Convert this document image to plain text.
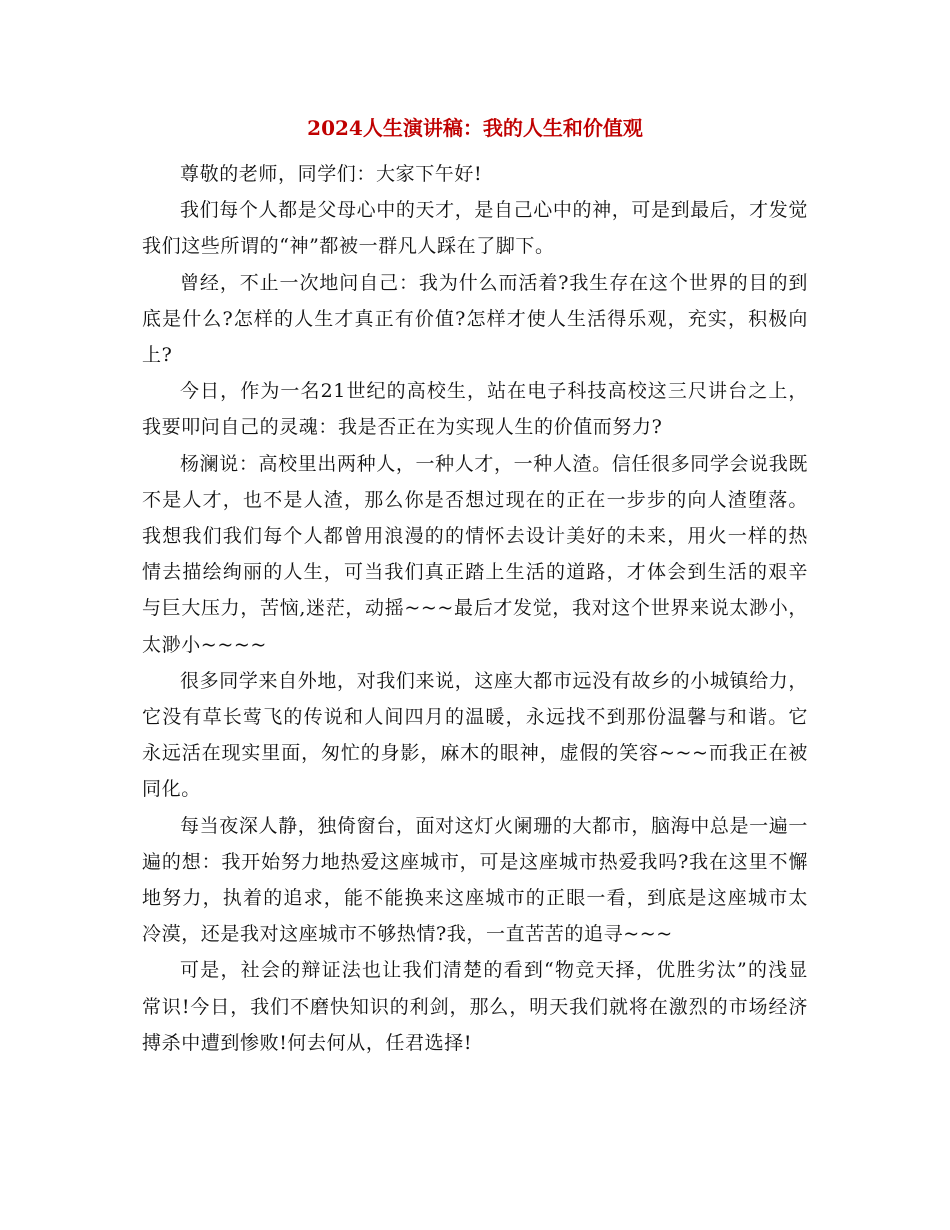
2024人生演讲稿：我的人生和价值观

尊敬的老师，同学们：大家下午好!

我们每个人都是父母心中的天才，是自己心中的神，可是到最后，才发觉我们这些所谓的“神”都被一群凡人踩在了脚下。

曾经，不止一次地问自己：我为什么而活着?我生存在这个世界的目的到底是什么?怎样的人生才真正有价值?怎样才使人生活得乐观，充实，积极向上?

今日，作为一名21世纪的高校生，站在电子科技高校这三尺讲台之上，我要叩问自己的灵魂：我是否正在为实现人生的价值而努力?

杨澜说：高校里出两种人，一种人才，一种人渣。信任很多同学会说我既不是人才，也不是人渣，那么你是否想过现在的正在一步步的向人渣堕落。我想我们我们每个人都曾用浪漫的的情怀去设计美好的未来，用火一样的热情去描绘绚丽的人生，可当我们真正踏上生活的道路，才体会到生活的艰辛与巨大压力，苦恼,迷茫，动摇~~~最后才发觉，我对这个世界来说太渺小，太渺小~~~~

很多同学来自外地，对我们来说，这座大都市远没有故乡的小城镇给力，它没有草长莺飞的传说和人间四月的温暖，永远找不到那份温馨与和谐。它永远活在现实里面，匆忙的身影，麻木的眼神，虚假的笑容~~~而我正在被同化。

每当夜深人静，独倚窗台，面对这灯火阑珊的大都市，脑海中总是一遍一遍的想：我开始努力地热爱这座城市，可是这座城市热爱我吗?我在这里不懈地努力，执着的追求，能不能换来这座城市的正眼一看，到底是这座城市太冷漠，还是我对这座城市不够热情?我，一直苦苦的追寻~~~

可是，社会的辩证法也让我们清楚的看到“物竞天择，优胜劣汰”的浅显常识!今日，我们不磨快知识的利剑，那么，明天我们就将在激烈的市场经济搏杀中遭到惨败!何去何从，任君选择!
